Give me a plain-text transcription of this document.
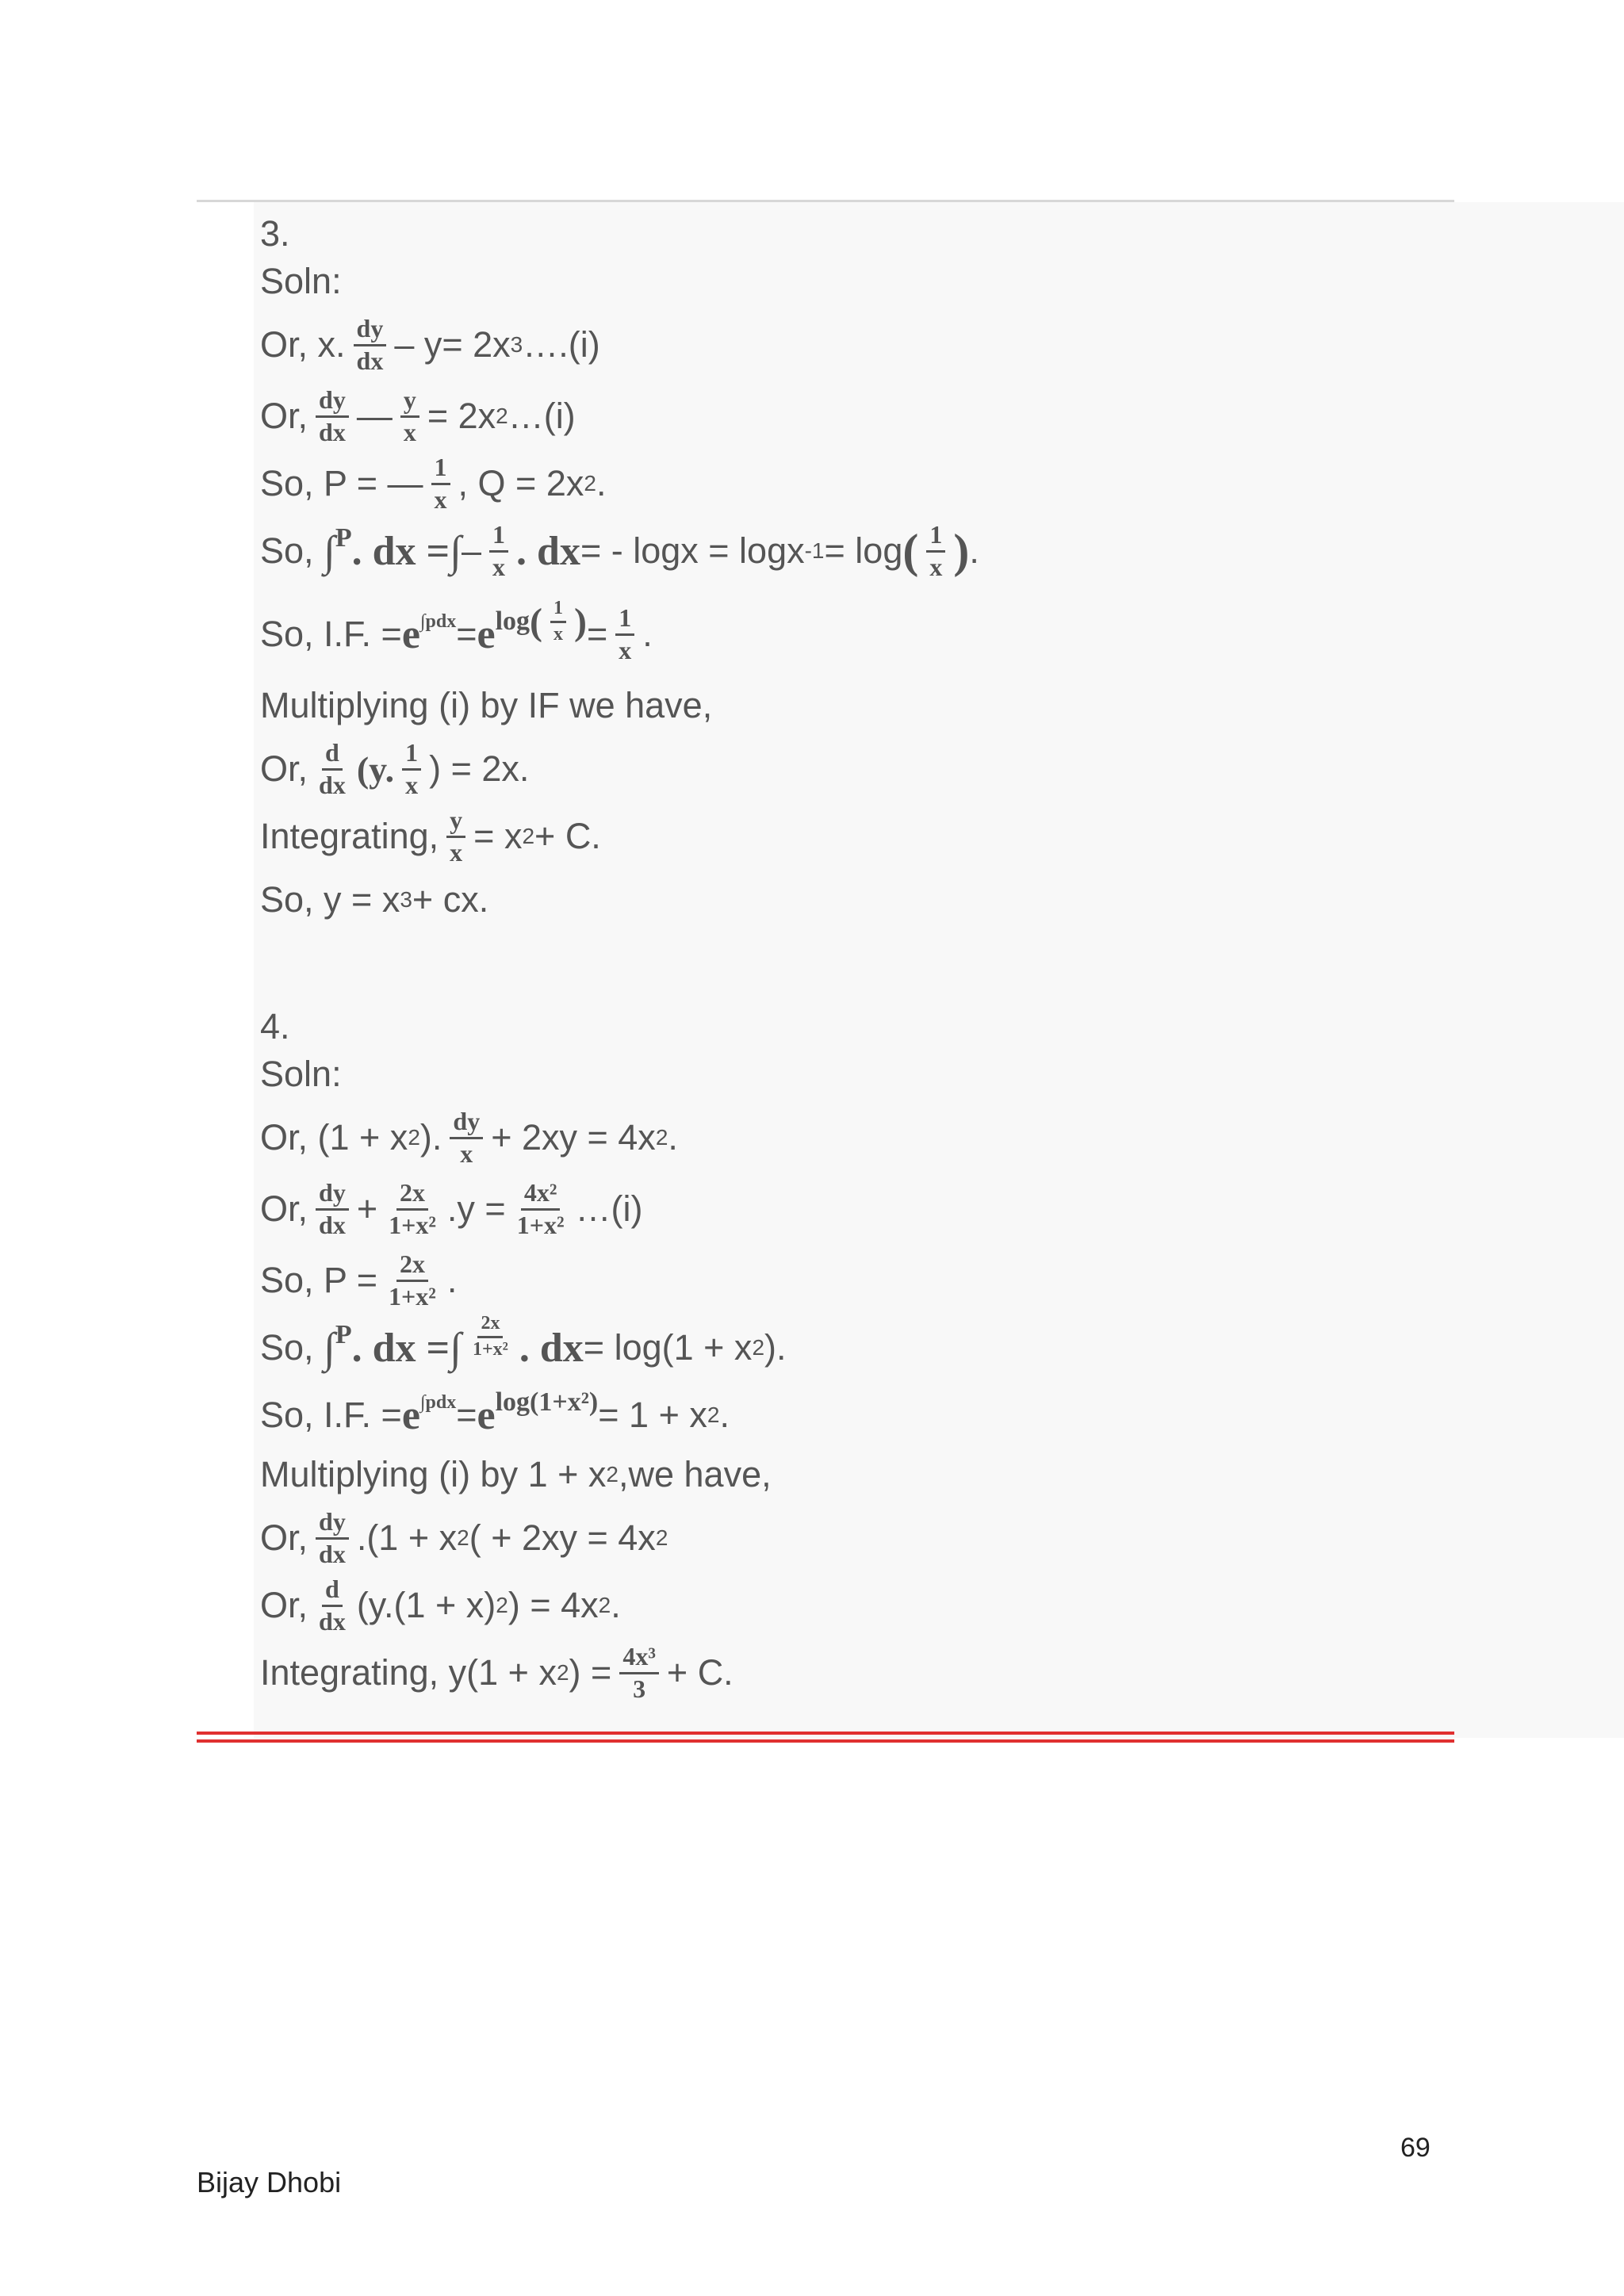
3.
Soln:
Or, x. $\frac{dy}{dx} - y= 2x$ 3 ….(i)
Or, $\frac{dy}{dx}$ — $\frac{y}{x} = 2x$ 2 …(i)
So, P = — $\frac{1}{x}$ , Q = 2x 2 .
So,
∫ P . dx = ∫ – $\frac{1}{x}$ . dx = - logx = logx -1 = log ( $\frac{1}{x}$ ) .
So, I.F. = e ∫pdx = e log ( $\frac{1}{x}$ ) = $\frac{1}{x}$ .
Multiplying (i) by IF we have,
Or, $\frac{d}{dx} (y$. $\frac{1}{x}$ ) = 2x.
Integrating, $\frac{y}{x} = x$ 2 + C.
So, y = x 3 + cx.
4.
Soln:
Or, (1 + x 2 ). $\frac{dy}{x} + 2xy = 4x$ 2 .
Or, $\frac{dy}{dx} + \frac{2x}{\text{1+x²}} .y = \frac{\text{4x²}}{\text{1+x²}}$ …(i)
So, $P = \frac{2x}{\text{1+x²}}$ .
So,
∫ P . dx = ∫ $\frac{2x}{\text{1+x²}}$ . dx = log(1 + x 2 ).
So, I.F. = e ∫pdx = e log(1+x²) = 1 + x 2 .
Multiplying (i) by 1 + x 2 ,we have,
Or, $\frac{dy}{dx} .(1 + x$ 2 ( + 2xy = 4x 2
Or, $\frac{d}{dx} (y.(1 + x)$ 2 ) = 4x 2 .
Integrating, y(1 + x 2 ) = $\frac{\text{4x³}}{3} + C$.
69
Bijay Dhobi
